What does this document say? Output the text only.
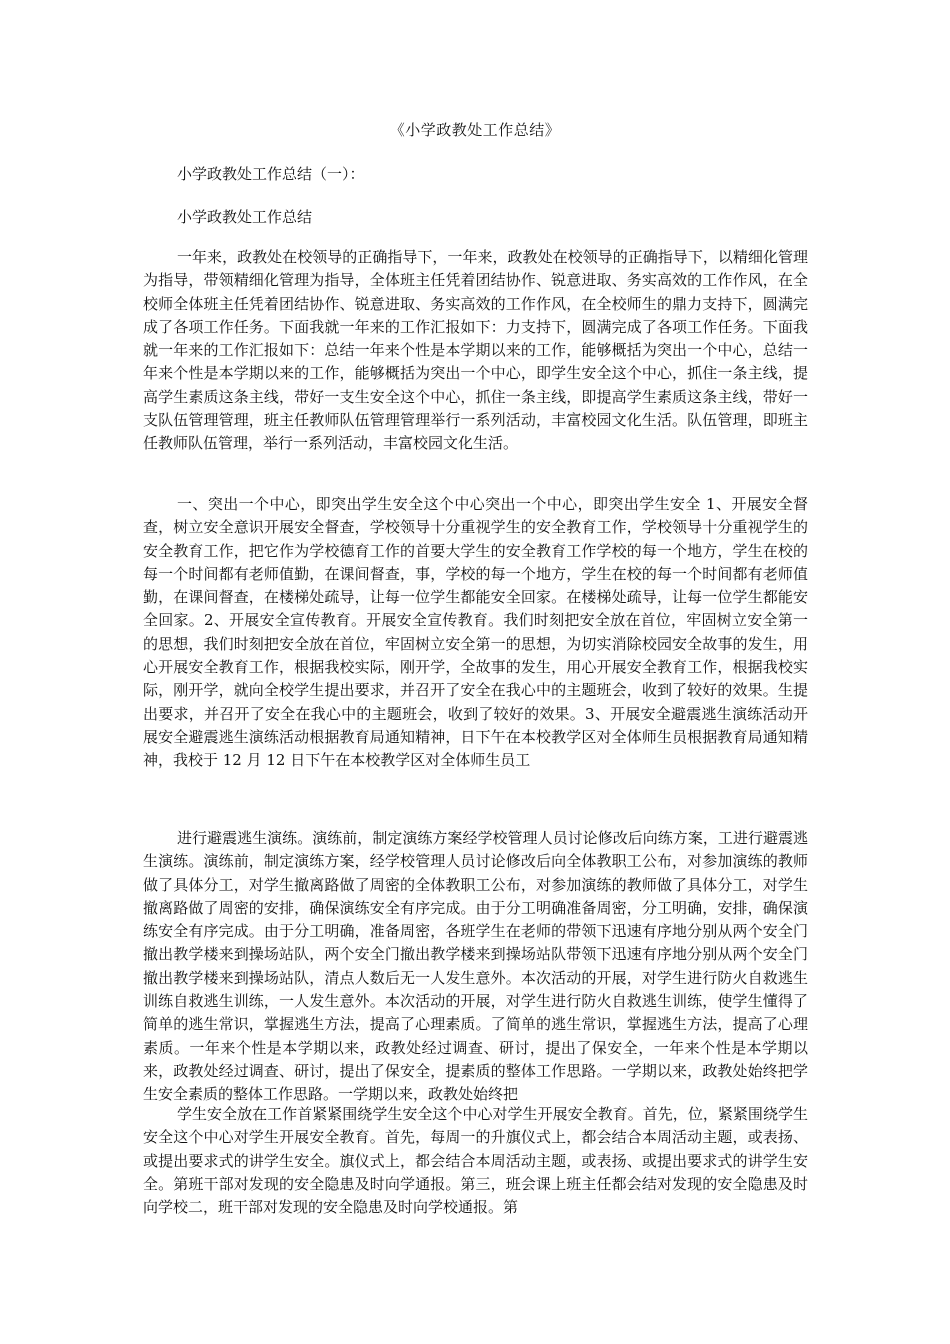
《小学政教处工作总结》
小学政教处工作总结（一）：
小学政教处工作总结

一年来，政教处在校领导的正确指导下，一年来，政教处在校领导的正确指导下，以精细化管理为指导，带领精细化管理为指导，全体班主任凭着团结协作、锐意进取、务实高效的工作作风，在全校师全体班主任凭着团结协作、锐意进取、务实高效的工作作风，在全校师生的鼎力支持下，圆满完成了各项工作任务。下面我就一年来的工作汇报如下：力支持下，圆满完成了各项工作任务。下面我就一年来的工作汇报如下：总结一年来个性是本学期以来的工作，能够概括为突出一个中心，总结一年来个性是本学期以来的工作，能够概括为突出一个中心，即学生安全这个中心，抓住一条主线，提高学生素质这条主线，带好一支生安全这个中心，抓住一条主线，即提高学生素质这条主线，带好一支队伍管理管理，班主任教师队伍管理管理举行一系列活动，丰富校园文化生活。队伍管理，即班主任教师队伍管理，举行一系列活动，丰富校园文化生活。

一、突出一个中心，即突出学生安全这个中心突出一个中心，即突出学生安全 1、开展安全督查，树立安全意识开展安全督查，学校领导十分重视学生的安全教育工作，学校领导十分重视学生的安全教育工作，把它作为学校德育工作的首要大学生的安全教育工作学校的每一个地方，学生在校的每一个时间都有老师值勤，在课间督查，事，学校的每一个地方，学生在校的每一个时间都有老师值勤，在课间督查，在楼梯处疏导，让每一位学生都能安全回家。在楼梯处疏导，让每一位学生都能安全回家。2、开展安全宣传教育。开展安全宣传教育。我们时刻把安全放在首位，牢固树立安全第一的思想，我们时刻把安全放在首位，牢固树立安全第一的思想，为切实消除校园安全故事的发生，用心开展安全教育工作，根据我校实际，刚开学，全故事的发生，用心开展安全教育工作，根据我校实际，刚开学，就向全校学生提出要求，并召开了安全在我心中的主题班会，收到了较好的效果。生提出要求，并召开了安全在我心中的主题班会，收到了较好的效果。3、开展安全避震逃生演练活动开展安全避震逃生演练活动根据教育局通知精神，日下午在本校教学区对全体师生员根据教育局通知精神，我校于 12 月 12 日下午在本校教学区对全体师生员工

进行避震逃生演练。演练前，制定演练方案经学校管理人员讨论修改后向练方案，工进行避震逃生演练。演练前，制定演练方案，经学校管理人员讨论修改后向全体教职工公布，对参加演练的教师做了具体分工，对学生撤离路做了周密的全体教职工公布，对参加演练的教师做了具体分工，对学生撤离路做了周密的安排，确保演练安全有序完成。由于分工明确准备周密，分工明确，安排，确保演练安全有序完成。由于分工明确，准备周密，各班学生在老师的带领下迅速有序地分别从两个安全门撤出教学楼来到操场站队，两个安全门撤出教学楼来到操场站队带领下迅速有序地分别从两个安全门撤出教学楼来到操场站队，清点人数后无一人发生意外。本次活动的开展，对学生进行防火自救逃生训练自救逃生训练，一人发生意外。本次活动的开展，对学生进行防火自救逃生训练，使学生懂得了简单的逃生常识，掌握逃生方法，提高了心理素质。了简单的逃生常识，掌握逃生方法，提高了心理素质。一年来个性是本学期以来，政教处经过调查、研讨，提出了保安全，一年来个性是本学期以来，政教处经过调查、研讨，提出了保安全，提素质的整体工作思路。一学期以来，政教处始终把学生安全素质的整体工作思路。一学期以来，政教处始终把

学生安全放在工作首紧紧围绕学生安全这个中心对学生开展安全教育。首先，位，紧紧围绕学生安全这个中心对学生开展安全教育。首先，每周一的升旗仪式上，都会结合本周活动主题，或表扬、或提出要求式的讲学生安全。旗仪式上，都会结合本周活动主题，或表扬、或提出要求式的讲学生安全。第班干部对发现的安全隐患及时向学通报。第三，班会课上班主任都会结对发现的安全隐患及时向学校二，班干部对发现的安全隐患及时向学校通报。第
